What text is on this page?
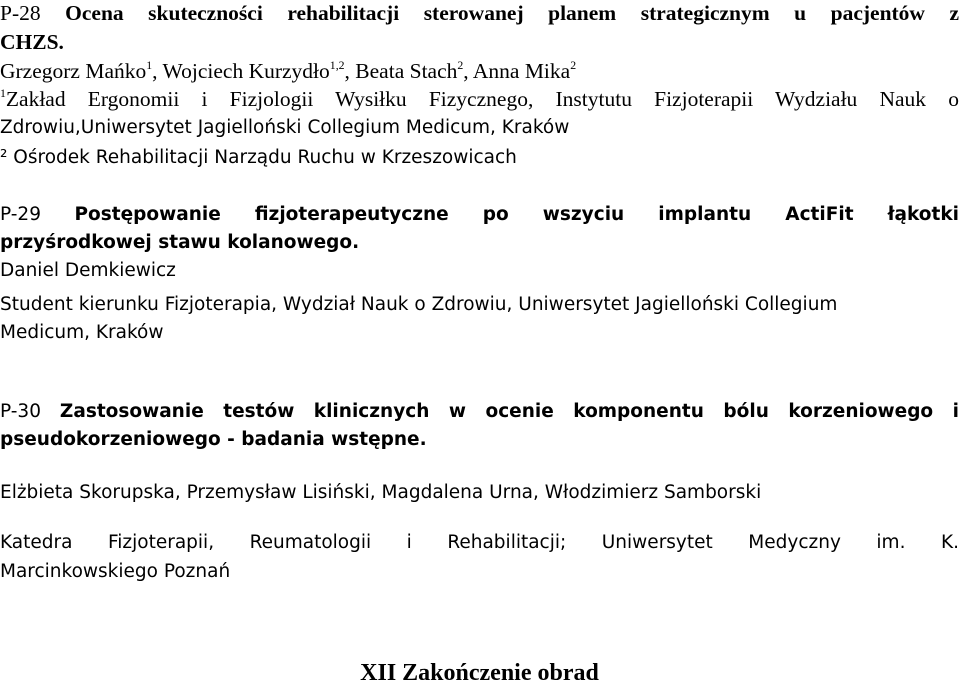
P-28 Ocena skuteczności rehabilitacji sterowanej planem strategicznym u pacjentów z
CHZS.
Grzegorz Mańko$^1$, Wojciech Kurzydło$^{1,2}$, Beata Stach$^2$, Anna Mika$^2$
$^1$Zakład Ergonomii i Fizjologii Wysiłku Fizycznego, Instytutu Fizjoterapii Wydziału Nauk o
Zdrowiu,Uniwersytet Jagielloński Collegium Medicum, Kraków
² Ośrodek Rehabilitacji Narządu Ruchu w Krzeszowicach
P-29 Postępowanie fizjoterapeutyczne po wszyciu implantu ActiFit łąkotki
przyśrodkowej stawu kolanowego.
Daniel Demkiewicz
Student kierunku Fizjoterapia, Wydział Nauk o Zdrowiu, Uniwersytet Jagielloński Collegium
Medicum, Kraków
P-30 Zastosowanie testów klinicznych w ocenie komponentu bólu korzeniowego i
pseudokorzeniowego - badania wstępne.
Elżbieta Skorupska, Przemysław Lisiński, Magdalena Urna, Włodzimierz Samborski
Katedra Fizjoterapii, Reumatologii i Rehabilitacji; Uniwersytet Medyczny im. K.
Marcinkowskiego Poznań
XII Zakończenie obrad
